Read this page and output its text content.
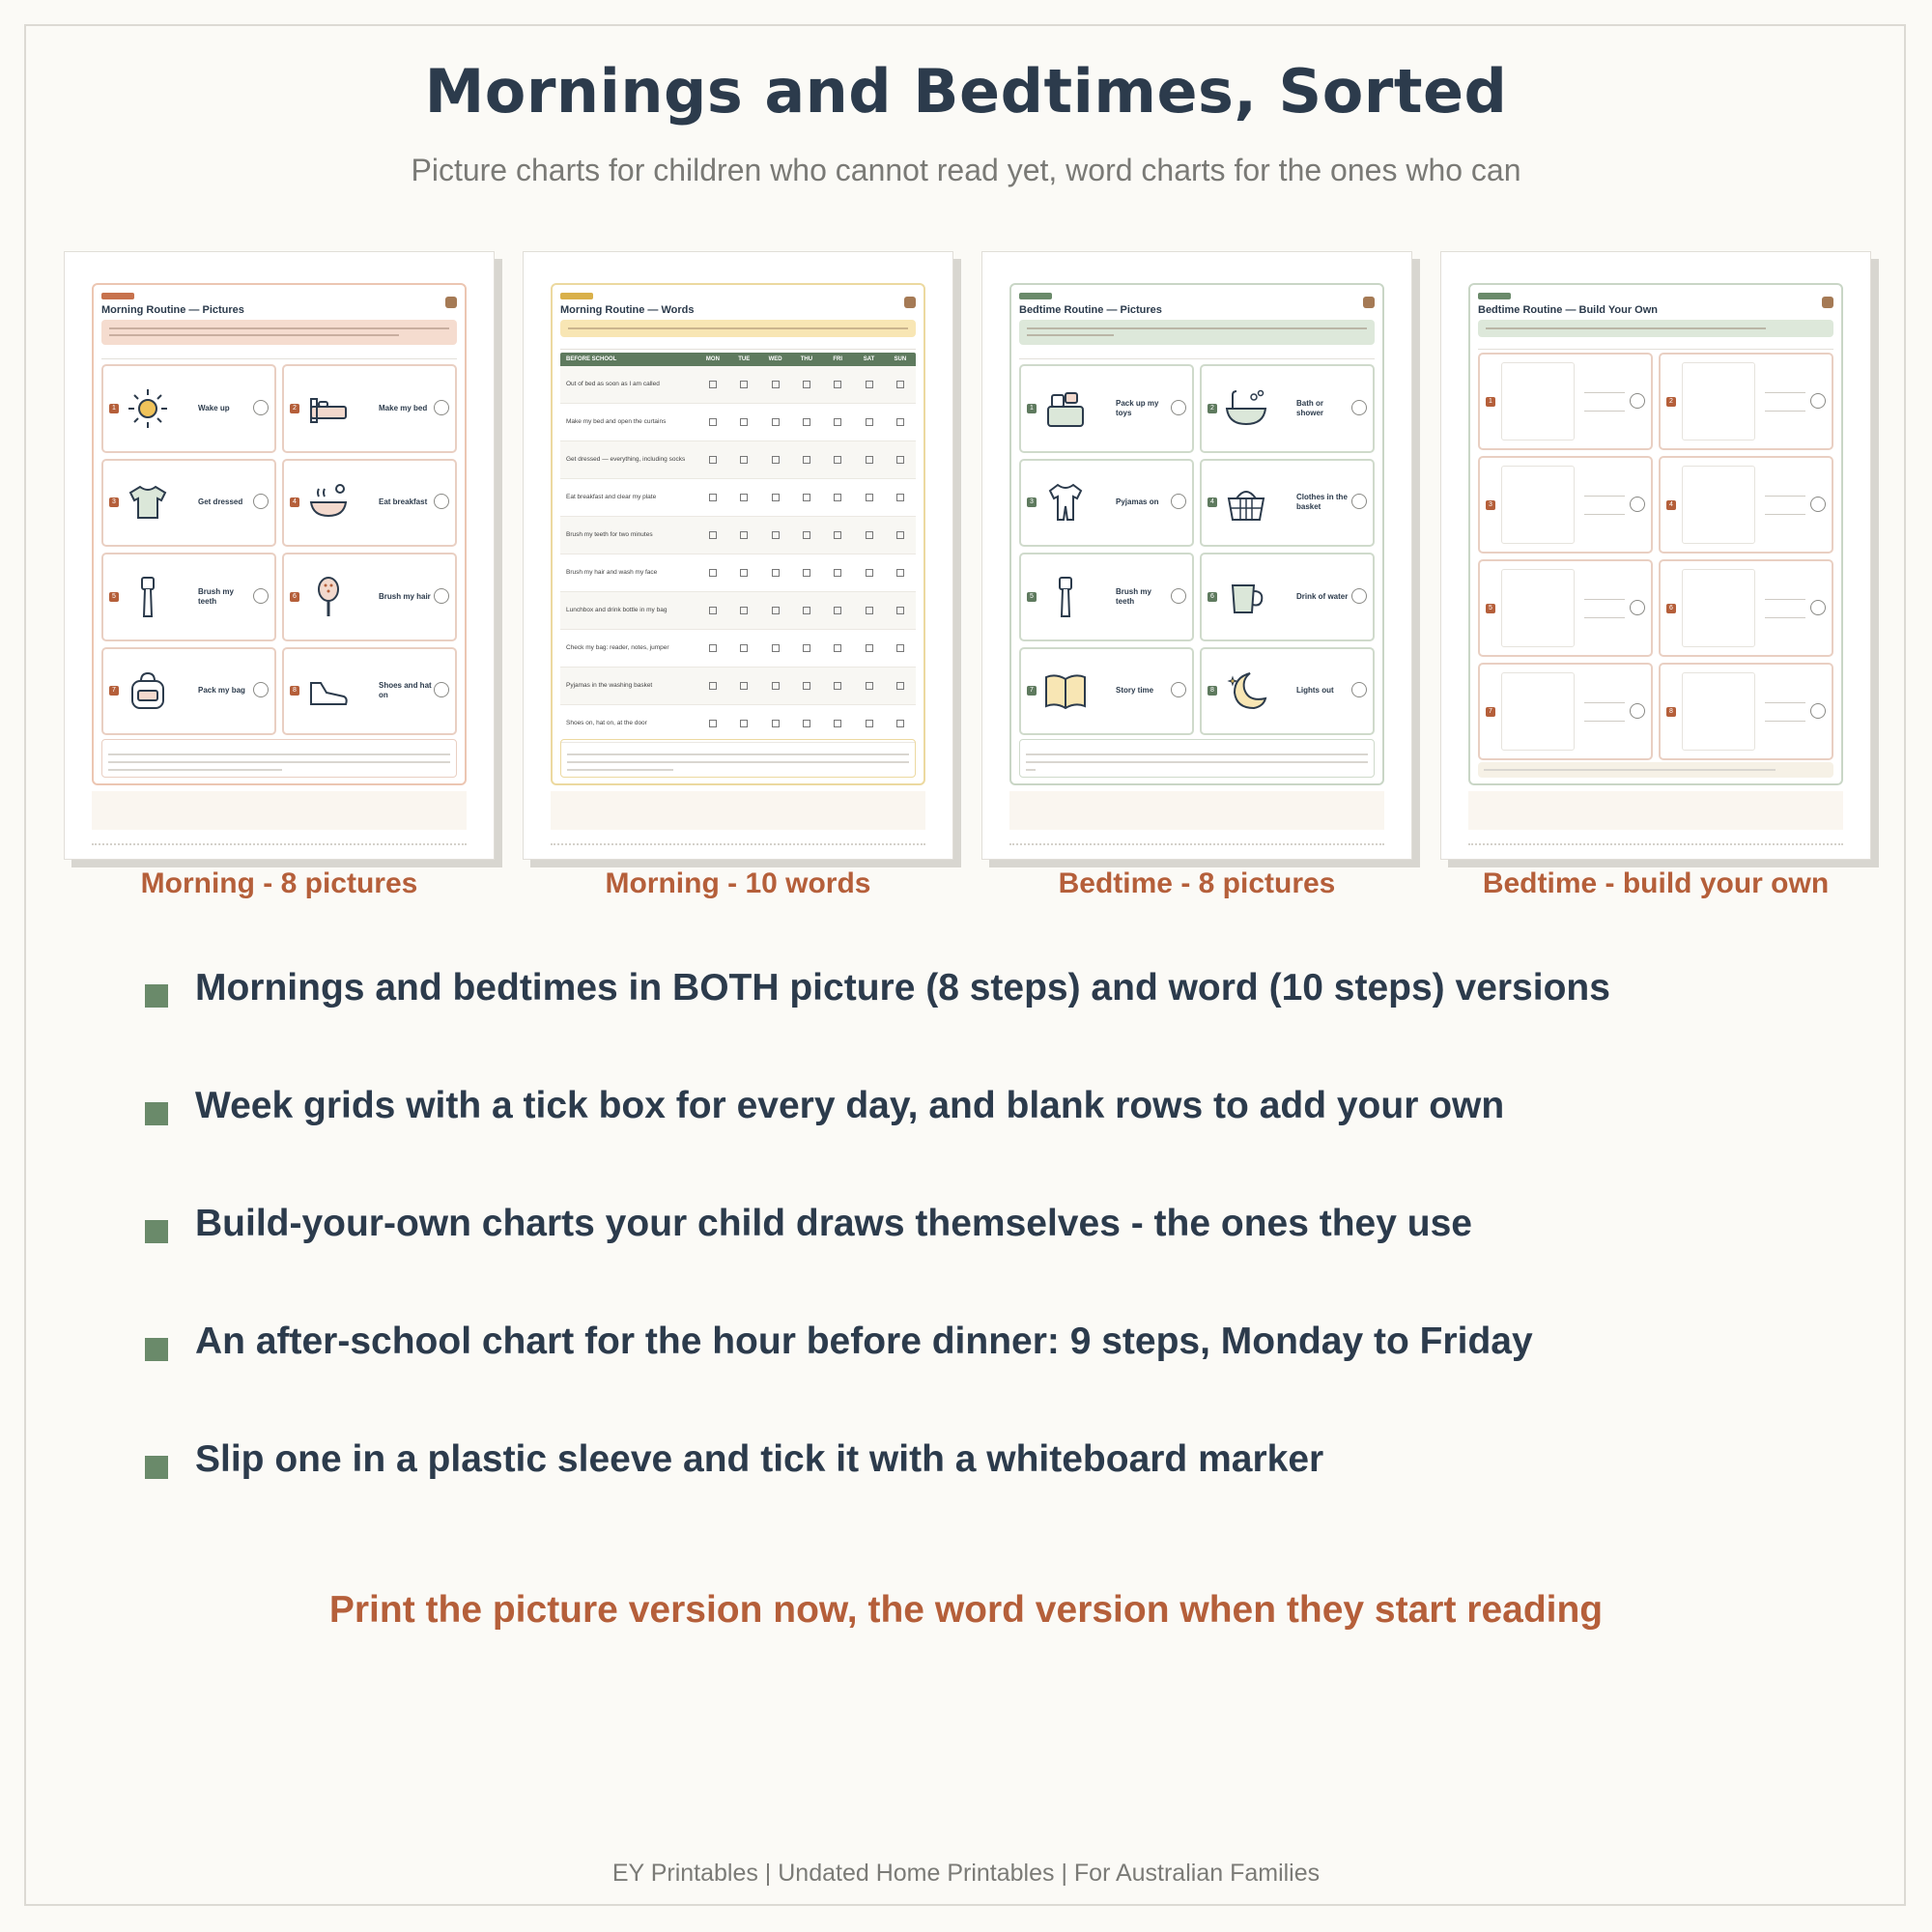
Mornings and Bedtimes, Sorted
Picture charts for children who cannot read yet, word charts for the ones who can
Morning Routine — Pictures
1	Wake up	2	Make my bed
3	Get dressed	4	Eat breakfast
5
Brush my teeth
6	Brush my hair
7	Pack my bag	8
Shoes and hat on
Morning - 8 pictures
Morning Routine — Words
BEFORE SCHOOL	MON	TUE	WED	THU	FRI	SAT	SUN
Out of bed as soon as I am called
Make my bed and open the curtains
Get dressed — everything, including socks
Eat breakfast and clear my plate
Brush my teeth for two minutes
Brush my hair and wash my face
Lunchbox and drink bottle in my bag
Check my bag: reader, notes, jumper
Pyjamas in the washing basket
Shoes on, hat on, at the door
Morning - 10 words
Bedtime Routine — Pictures
1
Pack up my toys
2
Bath or shower
3	Pyjamas on	4
Clothes in the basket
5
Brush my teeth
6	Drink of water
7	Story time	8	Lights out
Bedtime - 8 pictures
Bedtime Routine — Build Your Own
1	2
3	4
5	6
7	8
Bedtime - build your own
Mornings and bedtimes in BOTH picture (8 steps) and word (10 steps) versions
Week grids with a tick box for every day, and blank rows to add your own
Build-your-own charts your child draws themselves - the ones they use
An after-school chart for the hour before dinner: 9 steps, Monday to Friday
Slip one in a plastic sleeve and tick it with a whiteboard marker
Print the picture version now, the word version when they start reading
EY Printables | Undated Home Printables | For Australian Families
